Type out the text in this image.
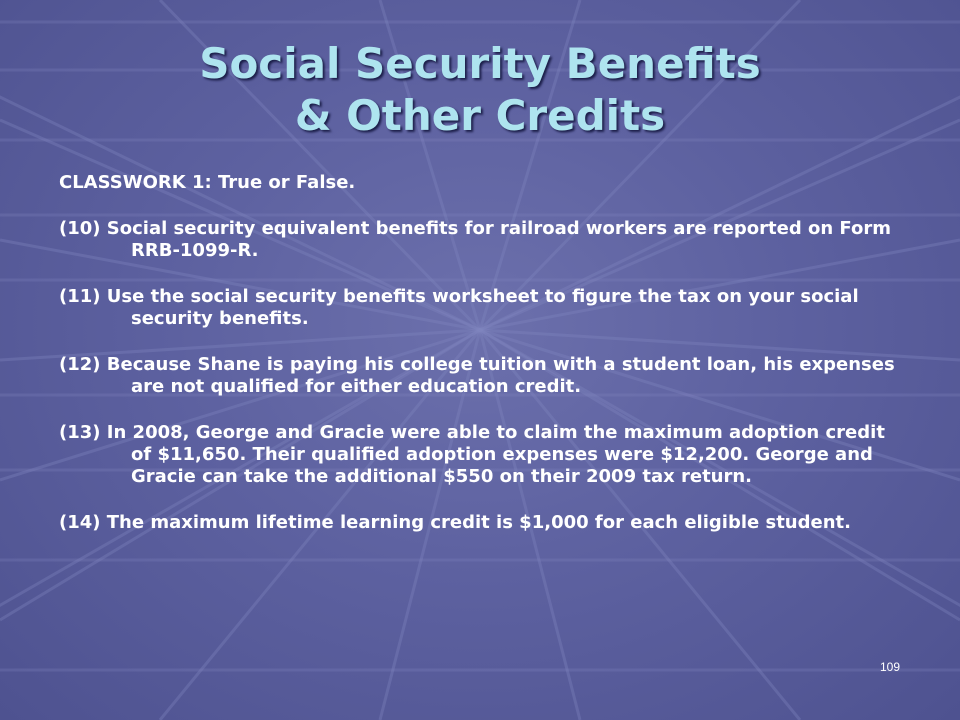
Social Security Benefits
& Other Credits

CLASSWORK 1: True or False.

(10) Social security equivalent benefits for railroad workers are reported on Form RRB-1099-R.

(11) Use the social security benefits worksheet to figure the tax on your social security benefits.

(12) Because Shane is paying his college tuition with a student loan, his expenses are not qualified for either education credit.

(13) In 2008, George and Gracie were able to claim the maximum adoption credit of $11,650. Their qualified adoption expenses were $12,200. George and Gracie can take the additional $550 on their 2009 tax return.

(14) The maximum lifetime learning credit is $1,000 for each eligible student.

109
